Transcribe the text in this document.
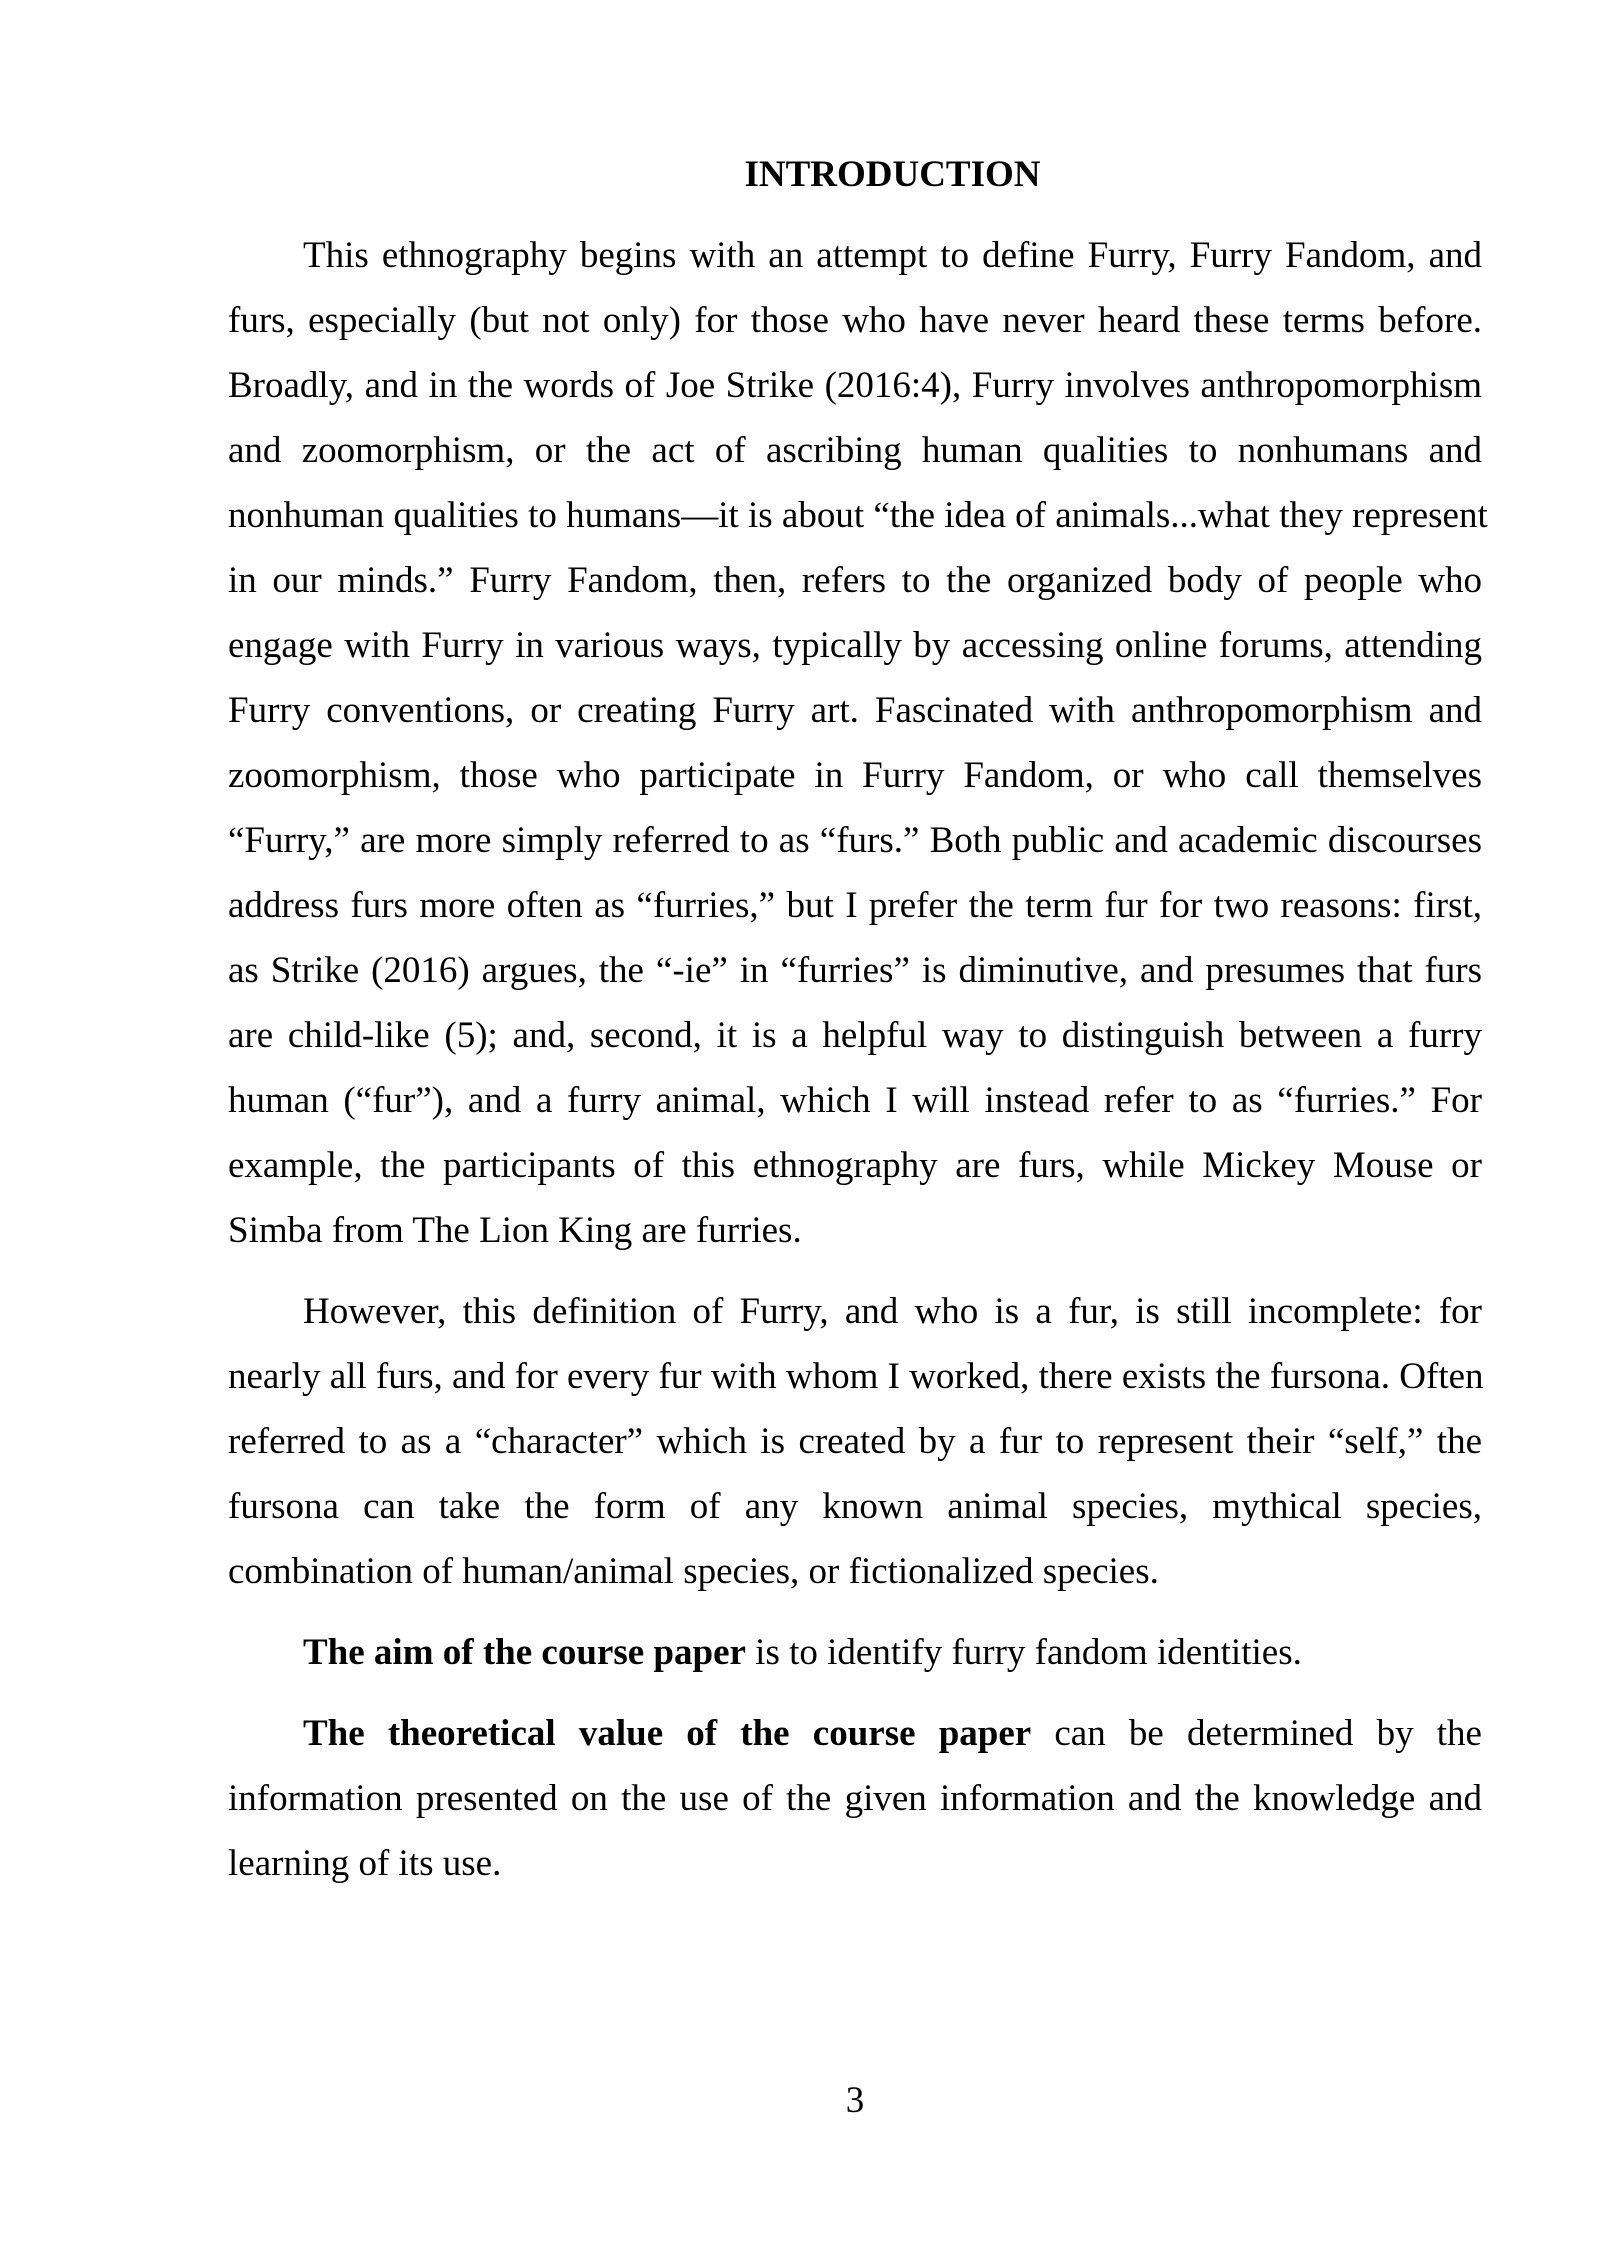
INTRODUCTION
This ethnography begins with an attempt to define Furry, Furry Fandom, and
furs, especially (but not only) for those who have never heard these terms before.
Broadly, and in the words of Joe Strike (2016:4), Furry involves anthropomorphism
and zoomorphism, or the act of ascribing human qualities to nonhumans and
nonhuman qualities to humans—it is about “the idea of animals...what they represent
in our minds.” Furry Fandom, then, refers to the organized body of people who
engage with Furry in various ways, typically by accessing online forums, attending
Furry conventions, or creating Furry art. Fascinated with anthropomorphism and
zoomorphism, those who participate in Furry Fandom, or who call themselves
“Furry,” are more simply referred to as “furs.” Both public and academic discourses
address furs more often as “furries,” but I prefer the term fur for two reasons: first,
as Strike (2016) argues, the “-ie” in “furries” is diminutive, and presumes that furs
are child-like (5); and, second, it is a helpful way to distinguish between a furry
human (“fur”), and a furry animal, which I will instead refer to as “furries.” For
example, the participants of this ethnography are furs, while Mickey Mouse or
Simba from The Lion King are furries.
However, this definition of Furry, and who is a fur, is still incomplete: for
nearly all furs, and for every fur with whom I worked, there exists the fursona. Often
referred to as a “character” which is created by a fur to represent their “self,” the
fursona can take the form of any known animal species, mythical species,
combination of human/animal species, or fictionalized species.
The aim of the course paper is to identify furry fandom identities.
The theoretical value of the course paper can be determined by the
information presented on the use of the given information and the knowledge and
learning of its use.
3
